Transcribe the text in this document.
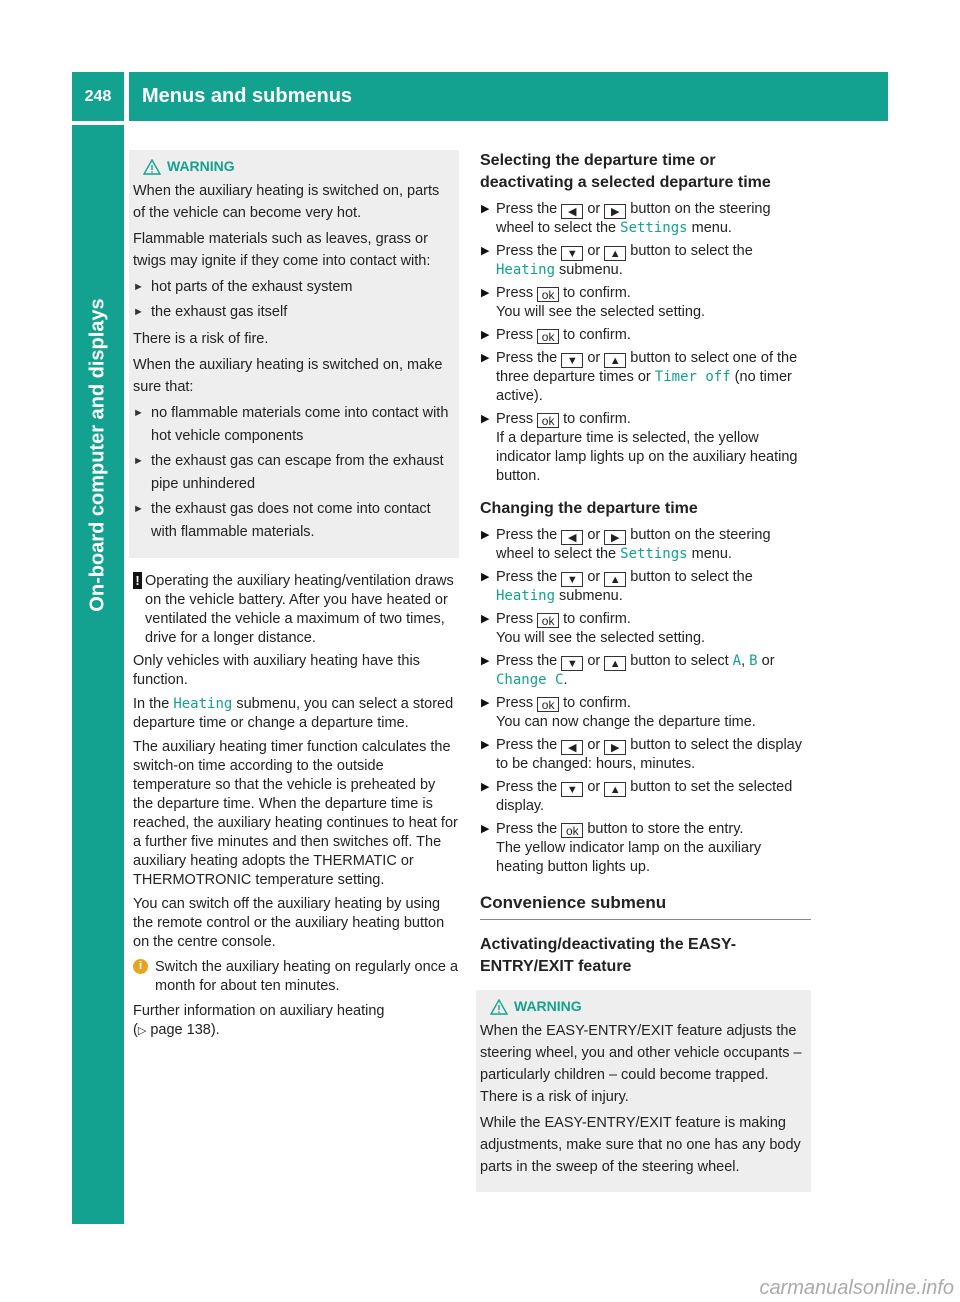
248	Menus and submenus
On-board computer and displays
WARNING

When the auxiliary heating is switched on, parts of the vehicle can become very hot.

Flammable materials such as leaves, grass or twigs may ignite if they come into contact with:

► hot parts of the exhaust system
► the exhaust gas itself

There is a risk of fire.

When the auxiliary heating is switched on, make sure that:

► no flammable materials come into contact with hot vehicle components
► the exhaust gas can escape from the exhaust pipe unhindered
► the exhaust gas does not come into contact with flammable materials.
! Operating the auxiliary heating/ventilation draws on the vehicle battery. After you have heated or ventilated the vehicle a maximum of two times, drive for a longer distance.

Only vehicles with auxiliary heating have this function.

In the Heating submenu, you can select a stored departure time or change a departure time.

The auxiliary heating timer function calculates the switch-on time according to the outside temperature so that the vehicle is preheated by the departure time. When the departure time is reached, the auxiliary heating continues to heat for a further five minutes and then switches off. The auxiliary heating adopts the THERMATIC or THERMOTRONIC temperature setting.

You can switch off the auxiliary heating by using the remote control or the auxiliary heating button on the centre console.

i Switch the auxiliary heating on regularly once a month for about ten minutes.

Further information on auxiliary heating
(▷ page 138).

Selecting the departure time or deactivating a selected departure time
▶ Press the ◀ or ▶ button on the steering wheel to select the Settings menu.
▶ Press the ▼ or ▲ button to select the Heating submenu.
▶ Press ok to confirm.
You will see the selected setting.
▶ Press ok to confirm.
▶ Press the ▼ or ▲ button to select one of the three departure times or Timer off (no timer active).
▶ Press ok to confirm.
If a departure time is selected, the yellow indicator lamp lights up on the auxiliary heating button.
Changing the departure time
▶ Press the ◀ or ▶ button on the steering wheel to select the Settings menu.
▶ Press the ▼ or ▲ button to select the Heating submenu.
▶ Press ok to confirm.
You will see the selected setting.
▶ Press the ▼ or ▲ button to select A, B or Change C.
▶ Press ok to confirm.
You can now change the departure time.
▶ Press the ◀ or ▶ button to select the display to be changed: hours, minutes.
▶ Press the ▼ or ▲ button to set the selected display.
▶ Press the ok button to store the entry.
The yellow indicator lamp on the auxiliary heating button lights up.
Convenience submenu
Activating/deactivating the EASY-ENTRY/EXIT feature
WARNING

When the EASY-ENTRY/EXIT feature adjusts the steering wheel, you and other vehicle occupants – particularly children – could become trapped. There is a risk of injury.

While the EASY-ENTRY/EXIT feature is making adjustments, make sure that no one has any body parts in the sweep of the steering wheel.

carmanualsonline.info
